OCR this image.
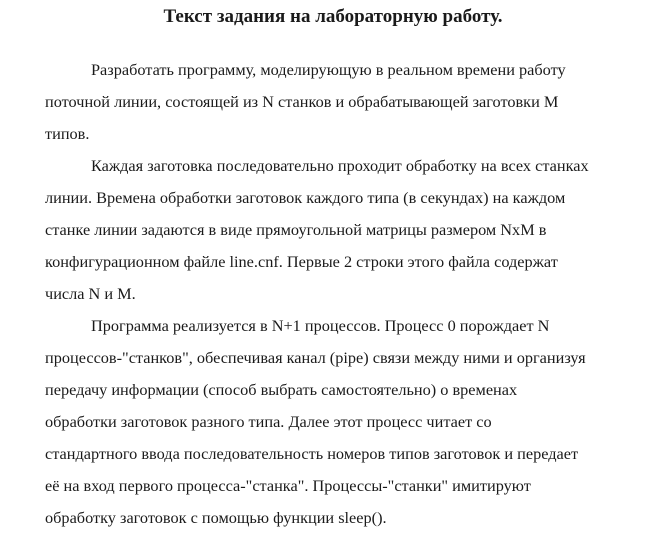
Текст задания на лабораторную работу.

Разработать программу, моделирующую в реальном времени работу

поточной линии, состоящей из N станков и обрабатывающей заготовки M

типов.

Каждая заготовка последовательно проходит обработку на всех станках

линии. Времена обработки заготовок каждого типа (в секундах) на каждом

станке линии задаются в виде прямоугольной матрицы размером NxM в

конфигурационном файле line.cnf. Первые 2 строки этого файла содержат

числа N и M.

Программа реализуется в N+1 процессов. Процесс 0 порождает N

процессов-"станков", обеспечивая канал (pipe) связи между ними и организуя

передачу информации (способ выбрать самостоятельно) о временах

обработки заготовок разного типа. Далее этот процесс читает со

стандартного ввода последовательность номеров типов заготовок и передает

её на вход первого процесса-"станка". Процессы-"станки" имитируют

обработку заготовок с помощью функции sleep().
